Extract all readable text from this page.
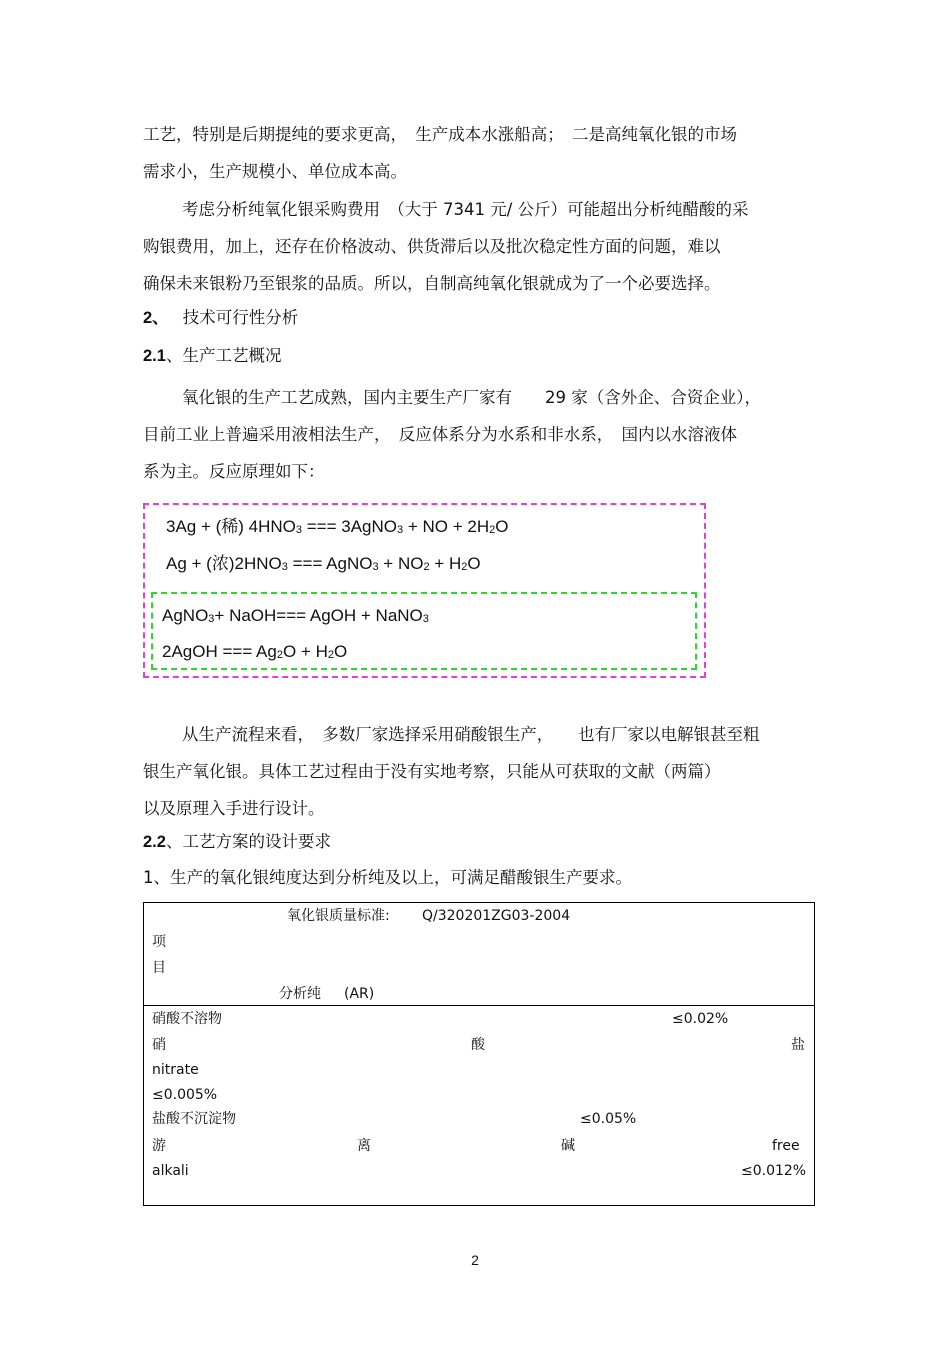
工艺，特别是后期提纯的要求更高，　生产成本水涨船高；　二是高纯氧化银的市场
需求小，生产规模小、单位成本高。
考虑分析纯氧化银采购费用　（大于 7341 元/ 公斤）可能超出分析纯醋酸的采
购银费用，加上，还存在价格波动、供货滞后以及批次稳定性方面的问题，难以
确保未来银粉乃至银浆的品质。所以，自制高纯氧化银就成为了一个必要选择。
2、 技术可行性分析
2.1、生产工艺概况
氧化银的生产工艺成熟，国内主要生产厂家有　　29 家（含外企、合资企业），
目前工业上普遍采用液相法生产，　反应体系分为水系和非水系，　国内以水溶液体
系为主。反应原理如下：
3Ag + (稀) $4HNO_3$ === 3AgNO$_3$ + NO + $2H_2O$
Ag + (浓)$2HNO_3$ === AgNO$_3$ + $NO_2 + H_2O$
AgNO$_3$+ NaOH=== AgOH + NaNO$_3$
2AgOH === $Ag_2O + H_2O$
从生产流程来看，　多数厂家选择采用硝酸银生产，　　也有厂家以电解银甚至粗
银生产氧化银。具体工艺过程由于没有实地考察，只能从可获取的文献（两篇）
以及原理入手进行设计。
2.2、工艺方案的设计要求
1、生产的氧化银纯度达到分析纯及以上，可满足醋酸银生产要求。
氧化银质量标准: Q/320201ZG03-2004
项
目
分析纯 (AR)
硝酸不溶物	≤0.02%
硝	酸	盐
nitrate
≤0.005%
盐酸不沉淀物	≤0.05%
游	离	碱	free
alkali	≤0.012%
2
